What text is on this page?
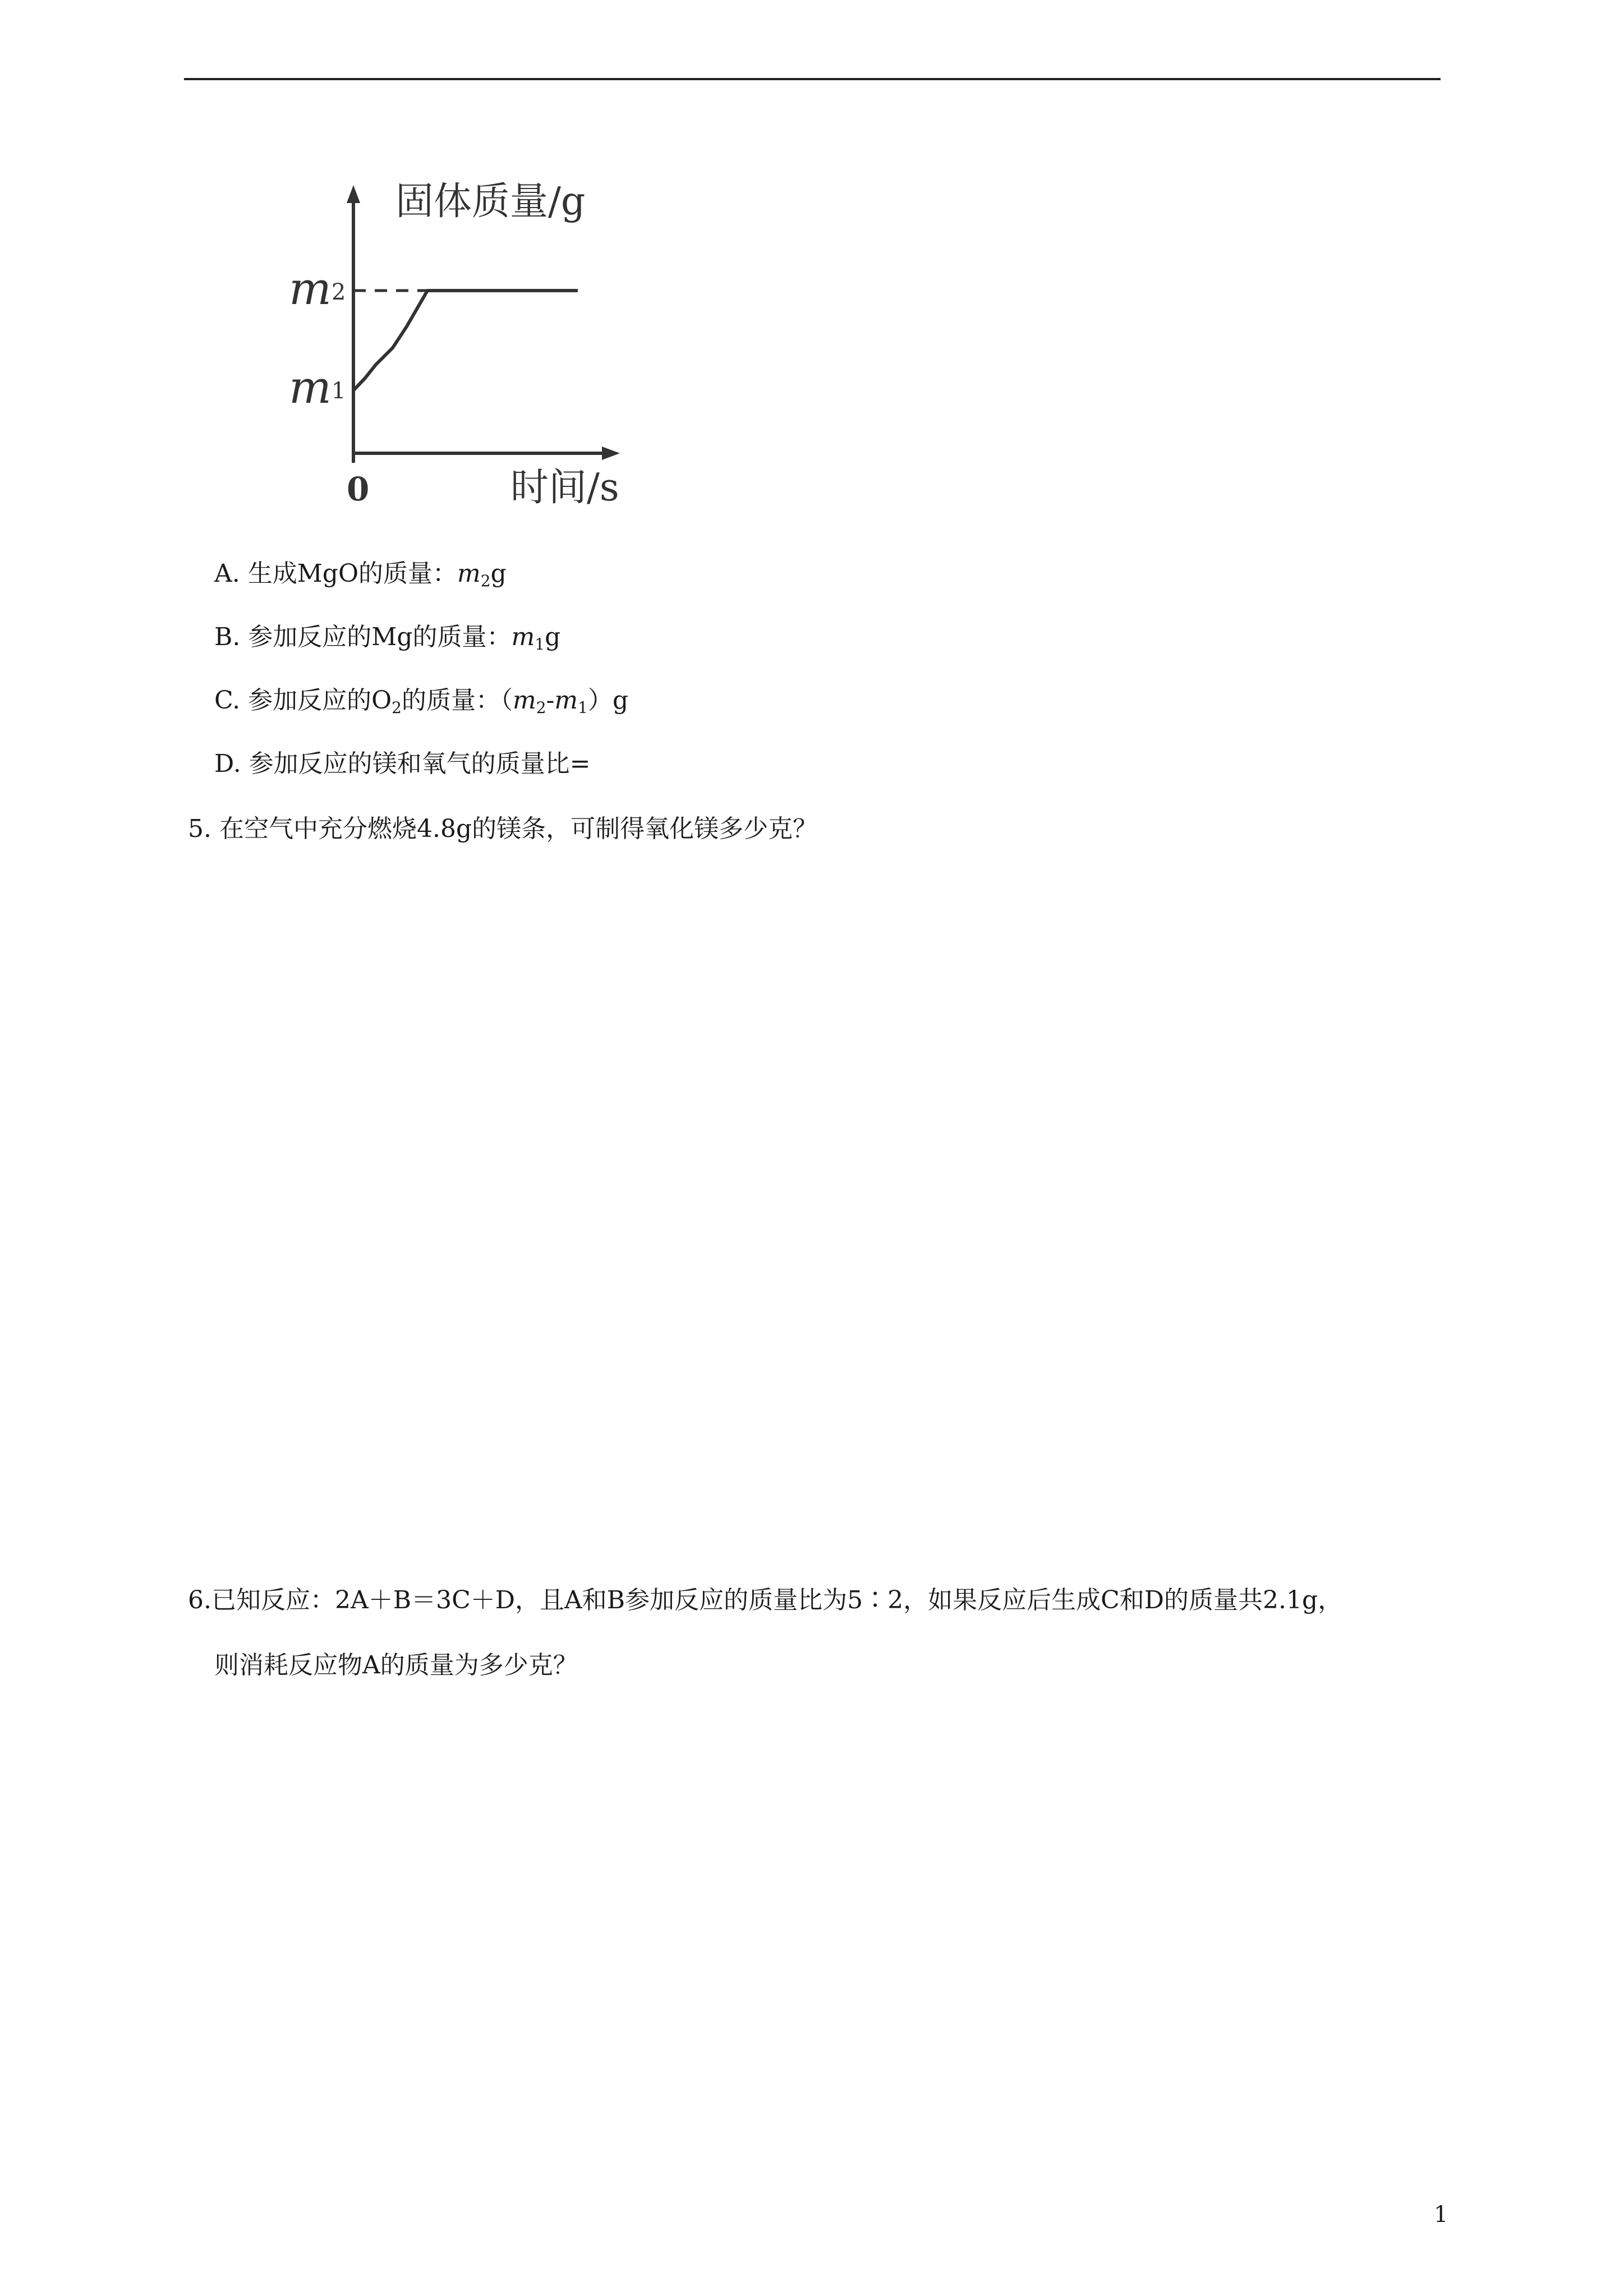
固体质量/g
m2
m1
0	时间/s
A. 生成MgO的质量：$m_2g$
B. 参加反应的Mg的质量：$m_1g$
C. 参加反应的$O_2$的质量：$(m_2-m_1)g$
D. 参加反应的镁和氧气的质量比=
5. 在空气中充分燃烧4.8g的镁条，可制得氧化镁多少克？
6.已知反应：2A＋B＝3C＋D，且A和B参加反应的质量比为5∶2，如果反应后生成C和D的质量共2.1g，
则消耗反应物A的质量为多少克？
1
